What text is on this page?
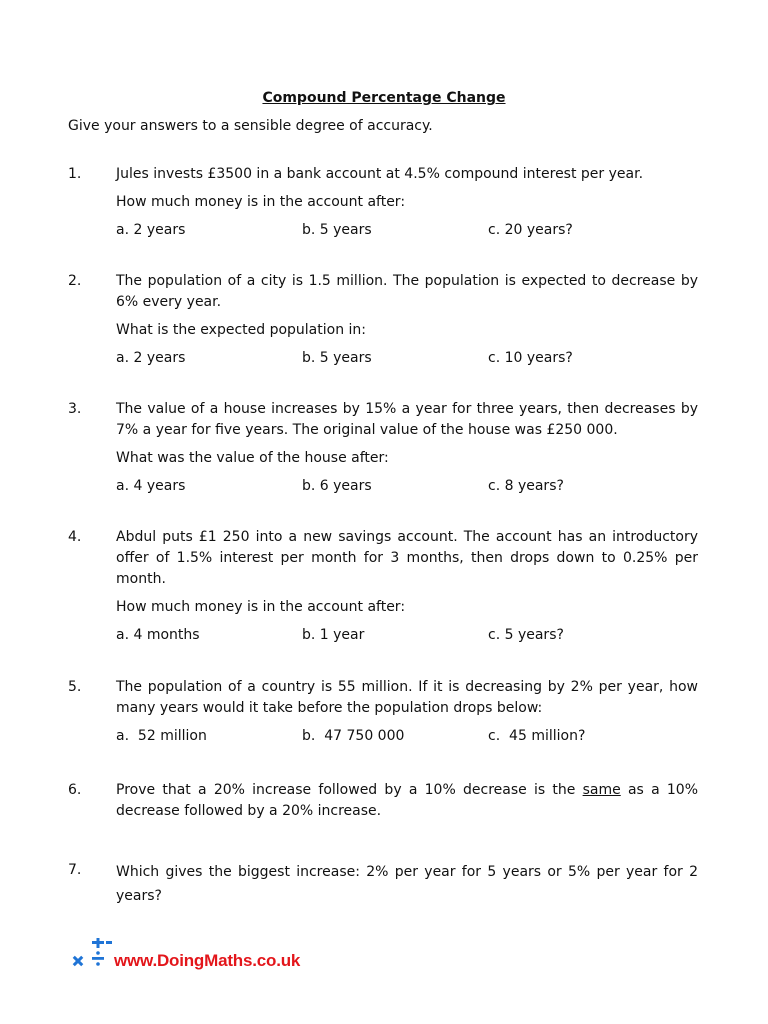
Compound Percentage Change
Give your answers to a sensible degree of accuracy.
1. Jules invests £3500 in a bank account at 4.5% compound interest per year.
How much money is in the account after:
a. 2 years	b. 5 years	c. 20 years?
2. The population of a city is 1.5 million. The population is expected to decrease by 6% every year.
What is the expected population in:
a. 2 years	b. 5 years	c. 10 years?
3. The value of a house increases by 15% a year for three years, then decreases by 7% a year for five years. The original value of the house was £250 000.
What was the value of the house after:
a. 4 years	b. 6 years	c. 8 years?
4. Abdul puts £1 250 into a new savings account. The account has an introductory offer of 1.5% interest per month for 3 months, then drops down to 0.25% per month.
How much money is in the account after:
a. 4 months	b. 1 year	c. 5 years?
5. The population of a country is 55 million. If it is decreasing by 2% per year, how many years would it take before the population drops below:
a.  52 million	b.  47 750 000	c.  45 million?
6. Prove that a 20% increase followed by a 10% decrease is the same as a 10% decrease followed by a 20% increase.
7. Which gives the biggest increase: 2% per year for 5 years or 5% per year for 2 years?
www.DoingMaths.co.uk
